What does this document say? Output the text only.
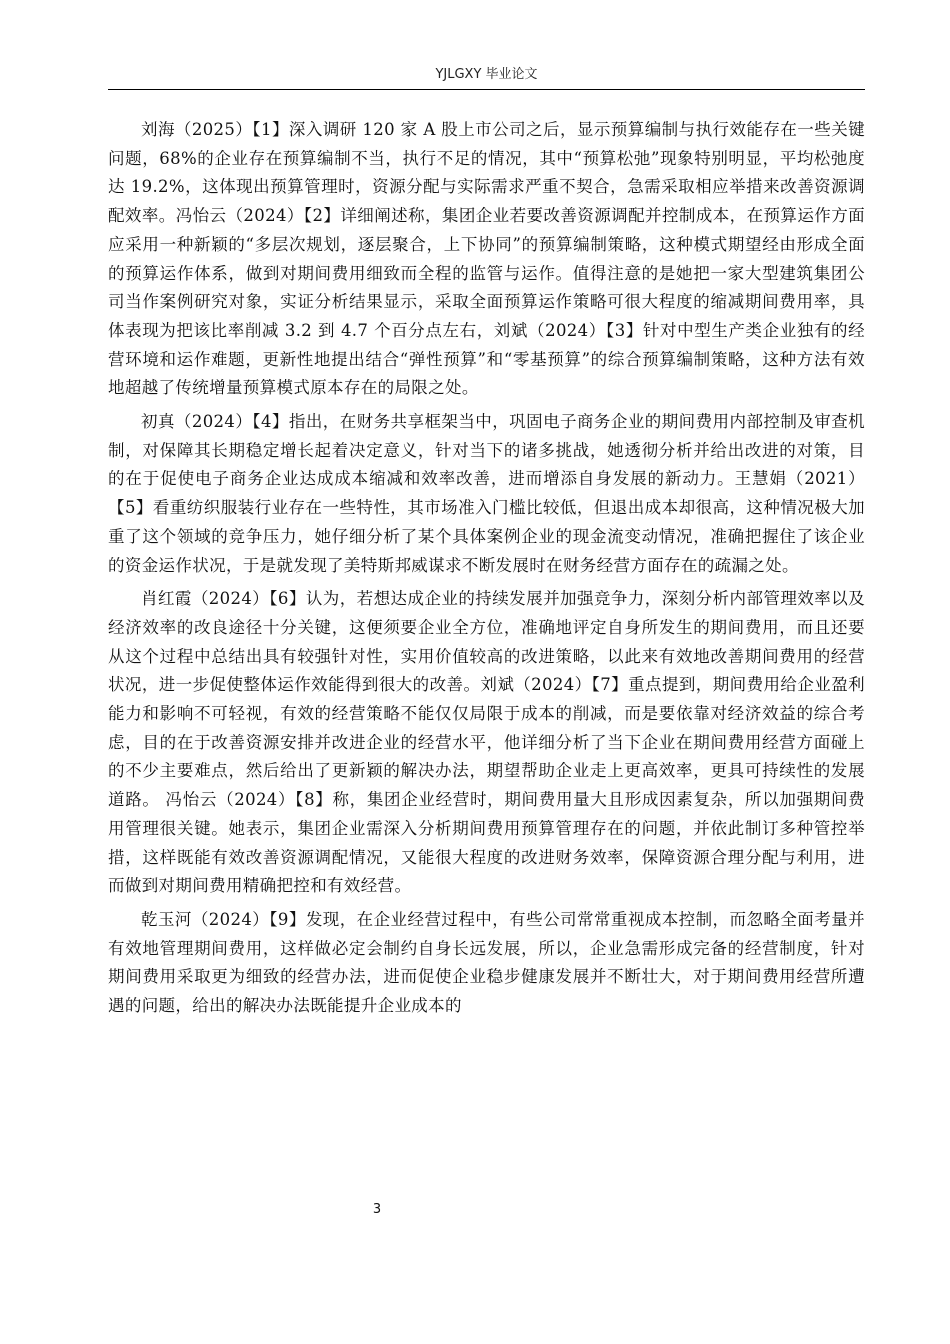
YJLGXY 毕业论文

刘海（2025）【1】深入调研 120 家 A 股上市公司之后，显示预算编制与执行效能存在一些关键问题，68%的企业存在预算编制不当，执行不足的情况，其中“预算松弛”现象特别明显，平均松弛度达 19.2%，这体现出预算管理时，资源分配与实际需求严重不契合，急需采取相应举措来改善资源调配效率。冯怡云（2024）【2】详细阐述称，集团企业若要改善资源调配并控制成本，在预算运作方面应采用一种新颖的“多层次规划，逐层聚合，上下协同”的预算编制策略，这种模式期望经由形成全面的预算运作体系，做到对期间费用细致而全程的监管与运作。值得注意的是她把一家大型建筑集团公司当作案例研究对象，实证分析结果显示，采取全面预算运作策略可很大程度的缩减期间费用率，具体表现为把该比率削减 3.2 到 4.7 个百分点左右，刘斌（2024）【3】针对中型生产类企业独有的经营环境和运作难题，更新性地提出结合“弹性预算”和“零基预算”的综合预算编制策略，这种方法有效地超越了传统增量预算模式原本存在的局限之处。

初真（2024）【4】指出，在财务共享框架当中，巩固电子商务企业的期间费用内部控制及审查机制，对保障其长期稳定增长起着决定意义，针对当下的诸多挑战，她透彻分析并给出改进的对策，目的在于促使电子商务企业达成成本缩减和效率改善，进而增添自身发展的新动力。王慧娟（2021）【5】看重纺织服装行业存在一些特性，其市场准入门槛比较低，但退出成本却很高，这种情况极大加重了这个领域的竞争压力，她仔细分析了某个具体案例企业的现金流变动情况，准确把握住了该企业的资金运作状况，于是就发现了美特斯邦威谋求不断发展时在财务经营方面存在的疏漏之处。

肖红霞（2024）【6】认为，若想达成企业的持续发展并加强竞争力，深刻分析内部管理效率以及经济效率的改良途径十分关键，这便须要企业全方位，准确地评定自身所发生的期间费用，而且还要从这个过程中总结出具有较强针对性，实用价值较高的改进策略，以此来有效地改善期间费用的经营状况，进一步促使整体运作效能得到很大的改善。刘斌（2024）【7】重点提到，期间费用给企业盈利能力和影响不可轻视，有效的经营策略不能仅仅局限于成本的削减，而是要依靠对经济效益的综合考虑，目的在于改善资源安排并改进企业的经营水平，他详细分析了当下企业在期间费用经营方面碰上的不少主要难点，然后给出了更新颖的解决办法，期望帮助企业走上更高效率，更具可持续性的发展道路。 冯怡云（2024）【8】称，集团企业经营时，期间费用量大且形成因素复杂，所以加强期间费用管理很关键。她表示，集团企业需深入分析期间费用预算管理存在的问题，并依此制订多种管控举措，这样既能有效改善资源调配情况，又能很大程度的改进财务效率，保障资源合理分配与利用，进而做到对期间费用精确把控和有效经营。

乾玉河（2024）【9】发现，在企业经营过程中，有些公司常常重视成本控制，而忽略全面考量并有效地管理期间费用，这样做必定会制约自身长远发展，所以，企业急需形成完备的经营制度，针对期间费用采取更为细致的经营办法，进而促使企业稳步健康发展并不断壮大，对于期间费用经营所遭遇的问题，给出的解决办法既能提升企业成本的

3
